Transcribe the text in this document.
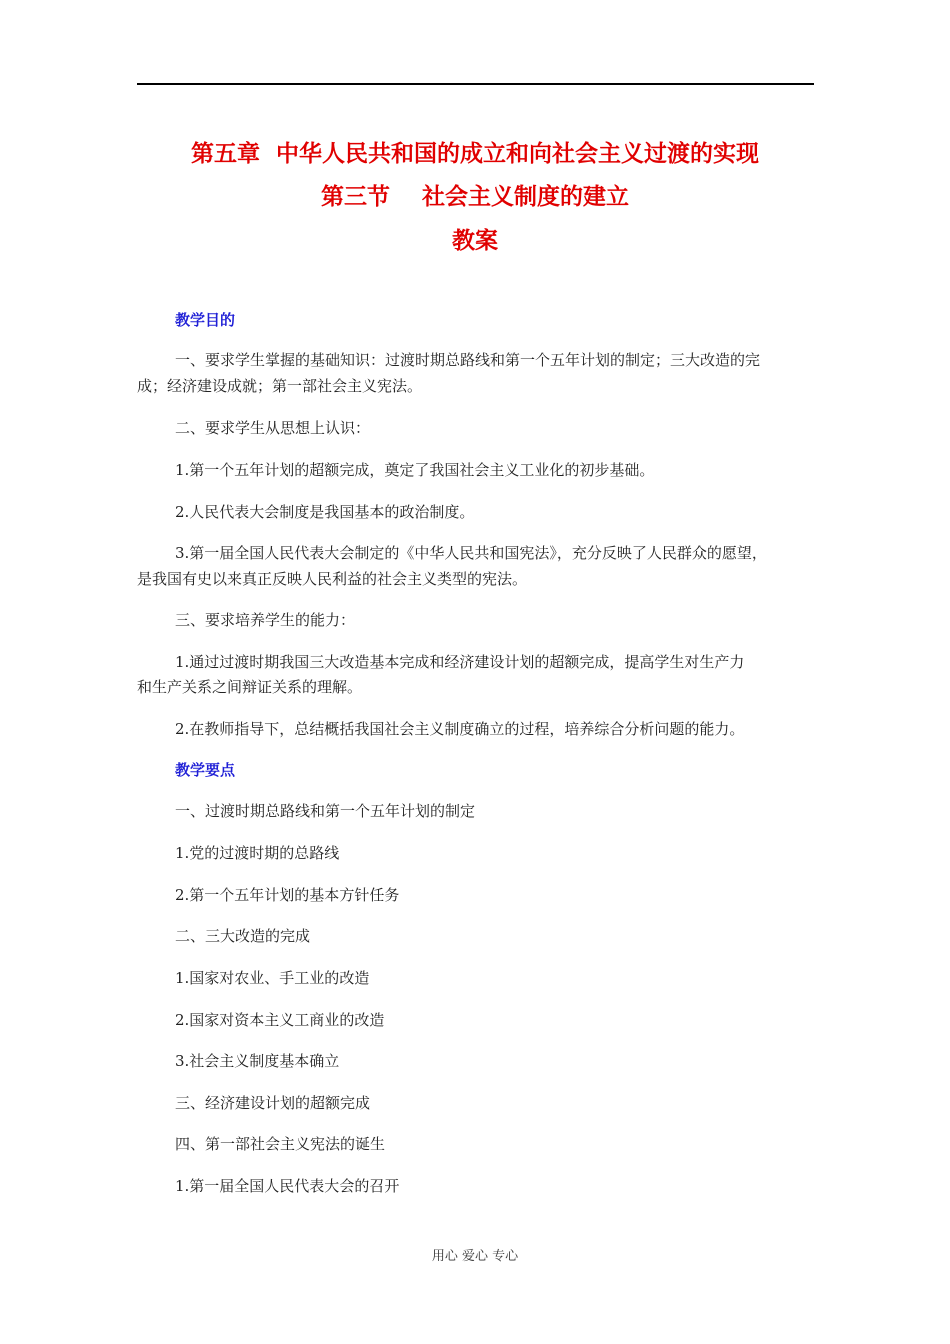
第五章  中华人民共和国的成立和向社会主义过渡的实现
第三节    社会主义制度的建立
教案
教学目的
一、要求学生掌握的基础知识：过渡时期总路线和第一个五年计划的制定；三大改造的完
成；经济建设成就；第一部社会主义宪法。
二、要求学生从思想上认识：
1.第一个五年计划的超额完成，奠定了我国社会主义工业化的初步基础。
2.人民代表大会制度是我国基本的政治制度。
3.第一届全国人民代表大会制定的《中华人民共和国宪法》，充分反映了人民群众的愿望，
是我国有史以来真正反映人民利益的社会主义类型的宪法。
三、要求培养学生的能力：
1.通过过渡时期我国三大改造基本完成和经济建设计划的超额完成，提高学生对生产力
和生产关系之间辩证关系的理解。
2.在教师指导下，总结概括我国社会主义制度确立的过程，培养综合分析问题的能力。
教学要点
一、过渡时期总路线和第一个五年计划的制定
1.党的过渡时期的总路线
2.第一个五年计划的基本方针任务
二、三大改造的完成
1.国家对农业、手工业的改造
2.国家对资本主义工商业的改造
3.社会主义制度基本确立
三、经济建设计划的超额完成
四、第一部社会主义宪法的诞生
1.第一届全国人民代表大会的召开
用心 爱心 专心
